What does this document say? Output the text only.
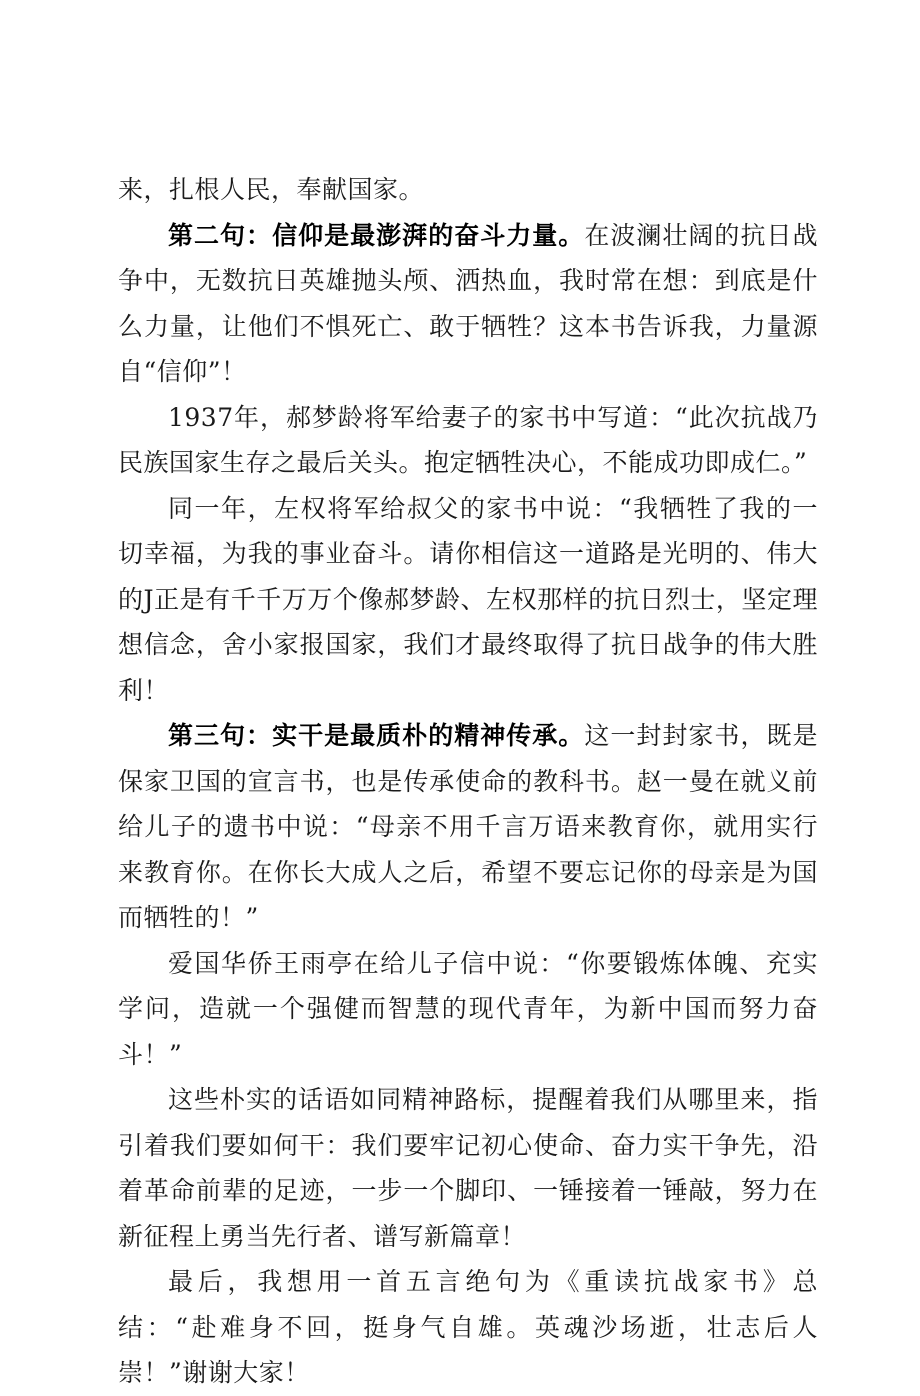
来，扎根人民，奉献国家。

第二句：信仰是最澎湃的奋斗力量。在波澜壮阔的抗日战争中，无数抗日英雄抛头颅、洒热血，我时常在想：到底是什么力量，让他们不惧死亡、敢于牺牲？这本书告诉我，力量源自“信仰”！

1937年，郝梦龄将军给妻子的家书中写道：“此次抗战乃民族国家生存之最后关头。抱定牺牲决心，不能成功即成仁。”

同一年，左权将军给叔父的家书中说：“我牺牲了我的一切幸福，为我的事业奋斗。请你相信这一道路是光明的、伟大的J正是有千千万万个像郝梦龄、左权那样的抗日烈士，坚定理想信念，舍小家报国家，我们才最终取得了抗日战争的伟大胜利！

第三句：实干是最质朴的精神传承。这一封封家书，既是保家卫国的宣言书，也是传承使命的教科书。赵一曼在就义前给儿子的遗书中说：“母亲不用千言万语来教育你，就用实行来教育你。在你长大成人之后，希望不要忘记你的母亲是为国而牺牲的！”

爱国华侨王雨亭在给儿子信中说：“你要锻炼体魄、充实学问，造就一个强健而智慧的现代青年，为新中国而努力奋斗！”

这些朴实的话语如同精神路标，提醒着我们从哪里来，指引着我们要如何干：我们要牢记初心使命、奋力实干争先，沿着革命前辈的足迹，一步一个脚印、一锤接着一锤敲，努力在新征程上勇当先行者、谱写新篇章！

最后，我想用一首五言绝句为《重读抗战家书》总结：“赴难身不回，挺身气自雄。英魂沙场逝，壮志后人崇！”谢谢大家！
